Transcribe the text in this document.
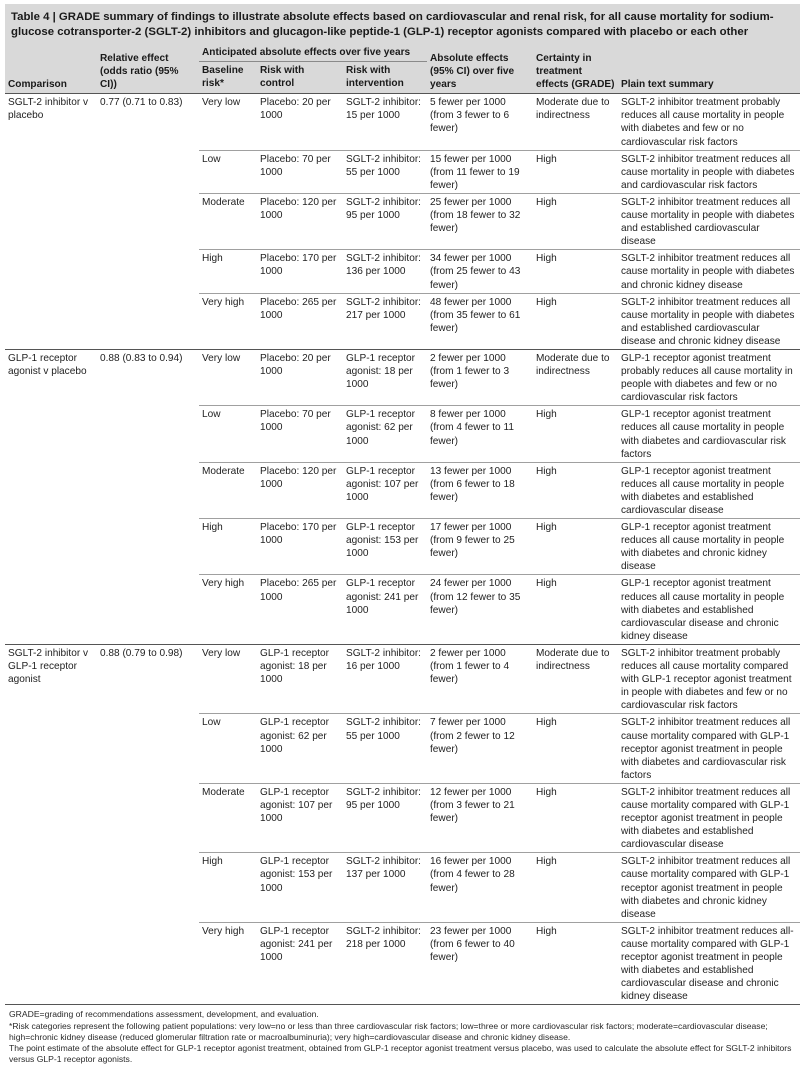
Table 4 | GRADE summary of findings to illustrate absolute effects based on cardiovascular and renal risk, for all cause mortality for sodium-glucose cotransporter-2 (SGLT-2) inhibitors and glucagon-like peptide-1 (GLP-1) receptor agonists compared with placebo or each other
Comparison	Relative effect (odds ratio (95% CI))	Anticipated absolute effects over five years			Absolute effects (95% CI) over five years	Certainty in treatment effects (GRADE)	Plain text summary
		Baseline risk*	Risk with control	Risk with intervention			
SGLT-2 inhibitor v placebo	0.77 (0.71 to 0.83)	Very low	Placebo: 20 per 1000	SGLT-2 inhibitor: 15 per 1000	5 fewer per 1000 (from 3 fewer to 6 fewer)	Moderate due to indirectness	SGLT-2 inhibitor treatment probably reduces all cause mortality in people with diabetes and few or no cardiovascular risk factors
		Low	Placebo: 70 per 1000	SGLT-2 inhibitor: 55 per 1000	15 fewer per 1000 (from 11 fewer to 19 fewer)	High	SGLT-2 inhibitor treatment reduces all cause mortality in people with diabetes and cardiovascular risk factors
		Moderate	Placebo: 120 per 1000	SGLT-2 inhibitor: 95 per 1000	25 fewer per 1000 (from 18 fewer to 32 fewer)	High	SGLT-2 inhibitor treatment reduces all cause mortality in people with diabetes and established cardiovascular disease
		High	Placebo: 170 per 1000	SGLT-2 inhibitor: 136 per 1000	34 fewer per 1000 (from 25 fewer to 43 fewer)	High	SGLT-2 inhibitor treatment reduces all cause mortality in people with diabetes and chronic kidney disease
		Very high	Placebo: 265 per 1000	SGLT-2 inhibitor: 217 per 1000	48 fewer per 1000 (from 35 fewer to 61 fewer)	High	SGLT-2 inhibitor treatment reduces all cause mortality in people with diabetes and established cardiovascular disease and chronic kidney disease
GLP-1 receptor agonist v placebo	0.88 (0.83 to 0.94)	Very low	Placebo: 20 per 1000	GLP-1 receptor agonist: 18 per 1000	2 fewer per 1000 (from 1 fewer to 3 fewer)	Moderate due to indirectness	GLP-1 receptor agonist treatment probably reduces all cause mortality in people with diabetes and few or no cardiovascular risk factors
		Low	Placebo: 70 per 1000	GLP-1 receptor agonist: 62 per 1000	8 fewer per 1000 (from 4 fewer to 11 fewer)	High	GLP-1 receptor agonist treatment reduces all cause mortality in people with diabetes and cardiovascular risk factors
		Moderate	Placebo: 120 per 1000	GLP-1 receptor agonist: 107 per 1000	13 fewer per 1000 (from 6 fewer to 18 fewer)	High	GLP-1 receptor agonist treatment reduces all cause mortality in people with diabetes and established cardiovascular disease
		High	Placebo: 170 per 1000	GLP-1 receptor agonist: 153 per 1000	17 fewer per 1000 (from 9 fewer to 25 fewer)	High	GLP-1 receptor agonist treatment reduces all cause mortality in people with diabetes and chronic kidney disease
		Very high	Placebo: 265 per 1000	GLP-1 receptor agonist: 241 per 1000	24 fewer per 1000 (from 12 fewer to 35 fewer)	High	GLP-1 receptor agonist treatment reduces all cause mortality in people with diabetes and established cardiovascular disease and chronic kidney disease
SGLT-2 inhibitor v GLP-1 receptor agonist	0.88 (0.79 to 0.98)	Very low	GLP-1 receptor agonist: 18 per 1000	SGLT-2 inhibitor: 16 per 1000	2 fewer per 1000 (from 1 fewer to 4 fewer)	Moderate due to indirectness	SGLT-2 inhibitor treatment probably reduces all cause mortality compared with GLP-1 receptor agonist treatment in people with diabetes and few or no cardiovascular risk factors
		Low	GLP-1 receptor agonist: 62 per 1000	SGLT-2 inhibitor: 55 per 1000	7 fewer per 1000 (from 2 fewer to 12 fewer)	High	SGLT-2 inhibitor treatment reduces all cause mortality compared with GLP-1 receptor agonist treatment in people with diabetes and cardiovascular risk factors
		Moderate	GLP-1 receptor agonist: 107 per 1000	SGLT-2 inhibitor: 95 per 1000	12 fewer per 1000 (from 3 fewer to 21 fewer)	High	SGLT-2 inhibitor treatment reduces all cause mortality compared with GLP-1 receptor agonist treatment in people with diabetes and established cardiovascular disease
		High	GLP-1 receptor agonist: 153 per 1000	SGLT-2 inhibitor: 137 per 1000	16 fewer per 1000 (from 4 fewer to 28 fewer)	High	SGLT-2 inhibitor treatment reduces all cause mortality compared with GLP-1 receptor agonist treatment in people with diabetes and chronic kidney disease
		Very high	GLP-1 receptor agonist: 241 per 1000	SGLT-2 inhibitor: 218 per 1000	23 fewer per 1000 (from 6 fewer to 40 fewer)	High	SGLT-2 inhibitor treatment reduces all-cause mortality compared with GLP-1 receptor agonist treatment in people with diabetes and established cardiovascular disease and chronic kidney disease

GRADE=grading of recommendations assessment, development, and evaluation.

*Risk categories represent the following patient populations: very low=no or less than three cardiovascular risk factors; low=three or more cardiovascular risk factors; moderate=cardiovascular disease; high=chronic kidney disease (reduced glomerular filtration rate or macroalbuminuria); very high=cardiovascular disease and chronic kidney disease.

The point estimate of the absolute effect for GLP-1 receptor agonist treatment, obtained from GLP-1 receptor agonist treatment versus placebo, was used to calculate the absolute effect for SGLT-2 inhibitors versus GLP-1 receptor agonists.
